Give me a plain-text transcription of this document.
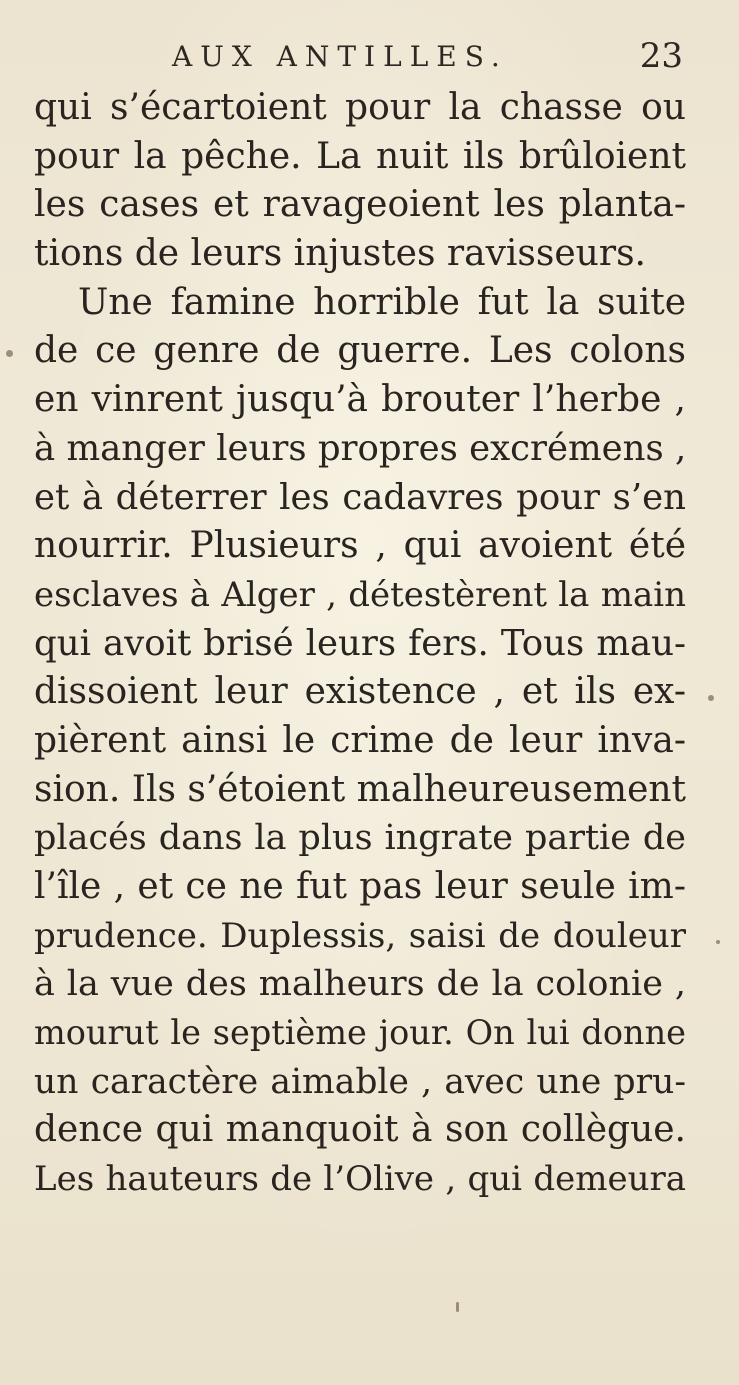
AUX ANTILLES.	23
qui s’écartoient pour la chasse ou
pour la pêche. La nuit ils brûloient
les cases et ravageoient les planta-
tions de leurs injustes ravisseurs.
Une famine horrible fut la suite
de ce genre de guerre. Les colons
en vinrent jusqu’à brouter l’herbe ,
à manger leurs propres excrémens ,
et à déterrer les cadavres pour s’en
nourrir. Plusieurs , qui avoient été
esclaves à Alger , détestèrent la main
qui avoit brisé leurs fers. Tous mau-
dissoient leur existence , et ils ex-
pièrent ainsi le crime de leur inva-
sion. Ils s’étoient malheureusement
placés dans la plus ingrate partie de
l’île , et ce ne fut pas leur seule im-
prudence. Duplessis, saisi de douleur
à la vue des malheurs de la colonie ,
mourut le septième jour. On lui donne
un caractère aimable , avec une pru-
dence qui manquoit à son collègue.
Les hauteurs de l’Olive , qui demeura
